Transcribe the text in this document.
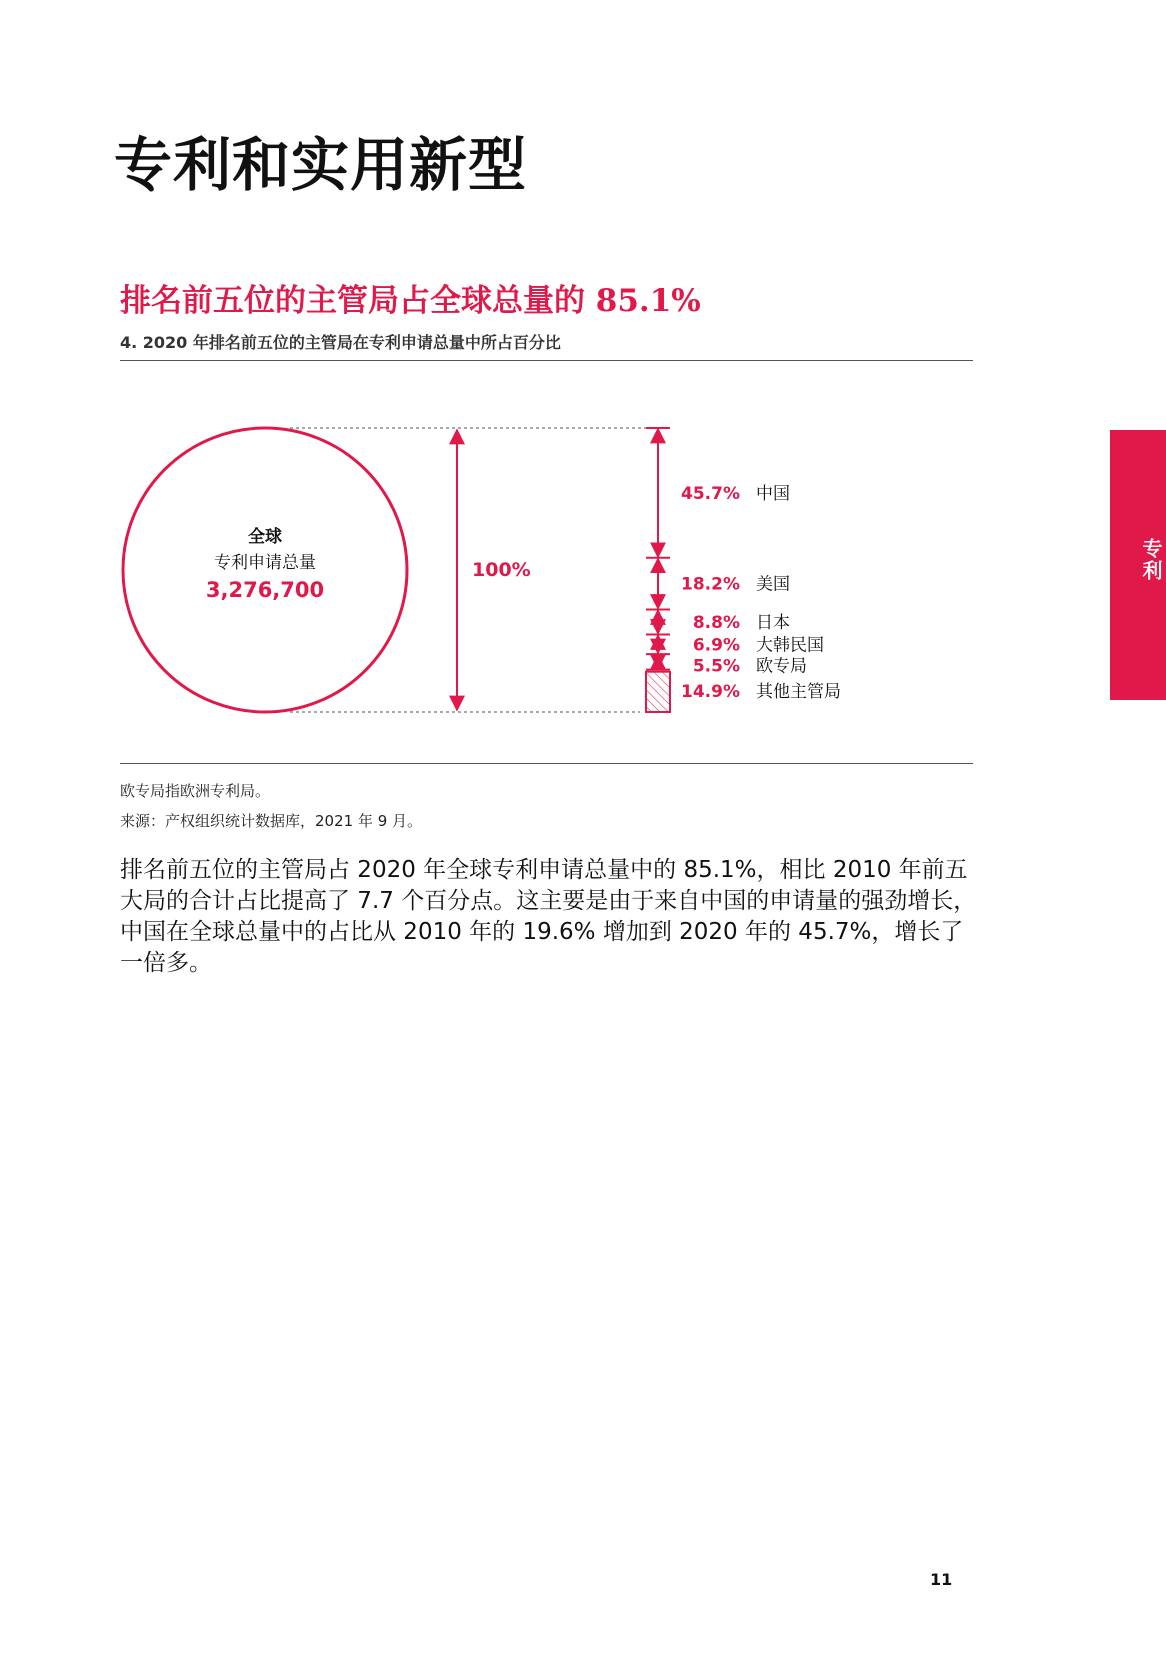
专利和实用新型
排名前五位的主管局占全球总量的 85.1%
4. 2020 年排名前五位的主管局在专利申请总量中所占百分比
全球
专利申请总量
3,276,700
100%
45.7% 中国
18.2% 美国
8.8% 日本
6.9% 大韩民国
5.5% 欧专局
14.9% 其他主管局
欧专局指欧洲专利局。
来源：产权组织统计数据库，2021 年 9 月。

排名前五位的主管局占 2020 年全球专利申请总量中的 85.1%，相比 2010 年前五大局的合计占比提高了 7.7 个百分点。这主要是由于来自中国的申请量的强劲增长，中国在全球总量中的占比从 2010 年的 19.6% 增加到 2020 年的 45.7%，增长了一倍多。

专利
11
